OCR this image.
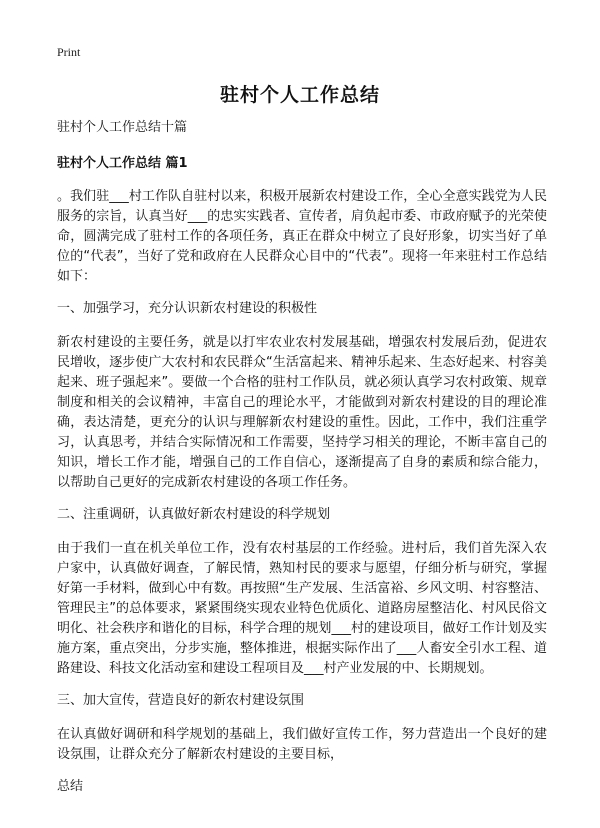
Print
驻村个人工作总结

驻村个人工作总结十篇

驻村个人工作总结 篇1

。我们驻___村工作队自驻村以来，积极开展新农村建设工作，全心全意实践党为人民服务的宗旨，认真当好___的忠实实践者、宣传者，肩负起市委、市政府赋予的光荣使命，圆满完成了驻村工作的各项任务，真正在群众中树立了良好形象，切实当好了单位的“代表”，当好了党和政府在人民群众心目中的“代表”。现将一年来驻村工作总结如下：

一、加强学习，充分认识新农村建设的积极性

新农村建设的主要任务，就是以打牢农业农村发展基础，增强农村发展后劲，促进农民增收，逐步使广大农村和农民群众“生活富起来、精神乐起来、生态好起来、村容美起来、班子强起来”。要做一个合格的驻村工作队员，就必须认真学习农村政策、规章制度和相关的会议精神，丰富自己的理论水平，才能做到对新农村建设的目的理论准确，表达清楚，更充分的认识与理解新农村建设的重性。因此，工作中，我们注重学习，认真思考，并结合实际情况和工作需要，坚持学习相关的理论，不断丰富自己的知识，增长工作才能，增强自己的工作自信心，逐渐提高了自身的素质和综合能力，以帮助自己更好的完成新农村建设的各项工作任务。

二、注重调研，认真做好新农村建设的科学规划

由于我们一直在机关单位工作，没有农村基层的工作经验。进村后，我们首先深入农户家中，认真做好调查，了解民情，熟知村民的要求与愿望，仔细分析与研究，掌握好第一手材料，做到心中有数。再按照“生产发展、生活富裕、乡风文明、村容整洁、管理民主”的总体要求，紧紧围绕实现农业特色优质化、道路房屋整洁化、村风民俗文明化、社会秩序和谐化的目标，科学合理的规划___村的建设项目，做好工作计划及实施方案，重点突出，分步实施，整体推进，根据实际作出了___人畜安全引水工程、道路建设、科技文化活动室和建设工程项目及___村产业发展的中、长期规划。

三、加大宣传，营造良好的新农村建设氛围

在认真做好调研和科学规划的基础上，我们做好宣传工作，努力营造出一个良好的建设氛围，让群众充分了解新农村建设的主要目标，

总结
